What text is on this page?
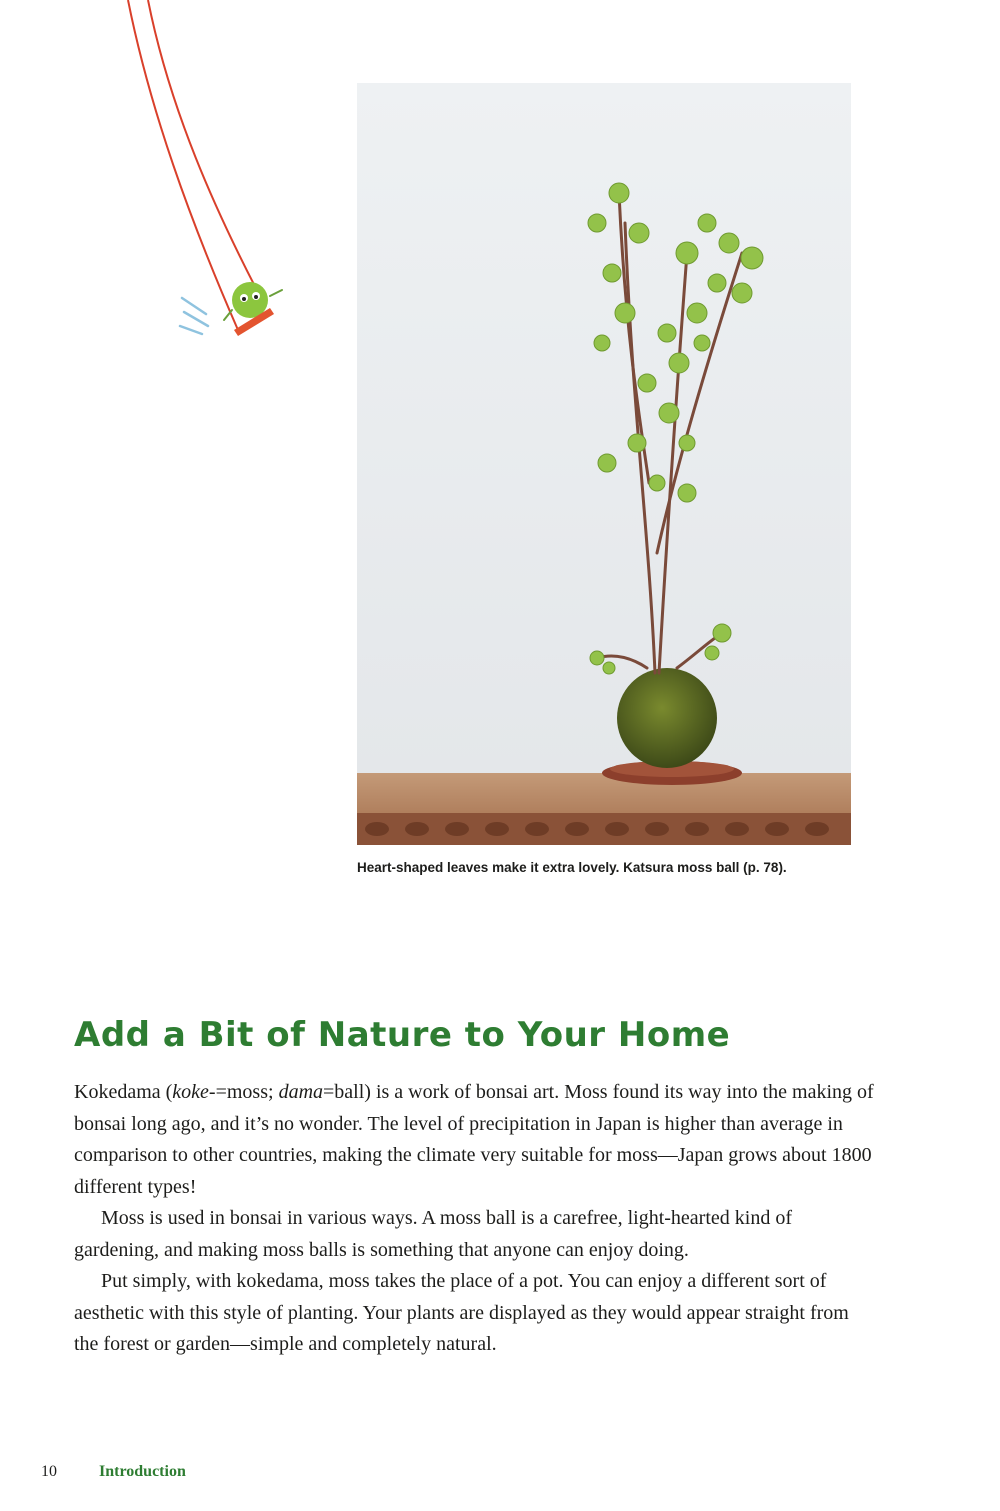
Heart-shaped leaves make it extra lovely. Katsura moss ball (p. 78).
Add a Bit of Nature to Your Home

Kokedama (koke-=moss; dama=ball) is a work of bonsai art. Moss found its way into the making of bonsai long ago, and it’s no wonder. The level of precipitation in Japan is higher than average in comparison to other countries, making the climate very suitable for moss—Japan grows about 1800 different types!

Moss is used in bonsai in various ways. A moss ball is a carefree, light-hearted kind of gardening, and making moss balls is something that anyone can enjoy doing.

Put simply, with kokedama, moss takes the place of a pot. You can enjoy a different sort of aesthetic with this style of planting. Your plants are displayed as they would appear straight from the forest or garden—simple and completely natural.

10	Introduction
